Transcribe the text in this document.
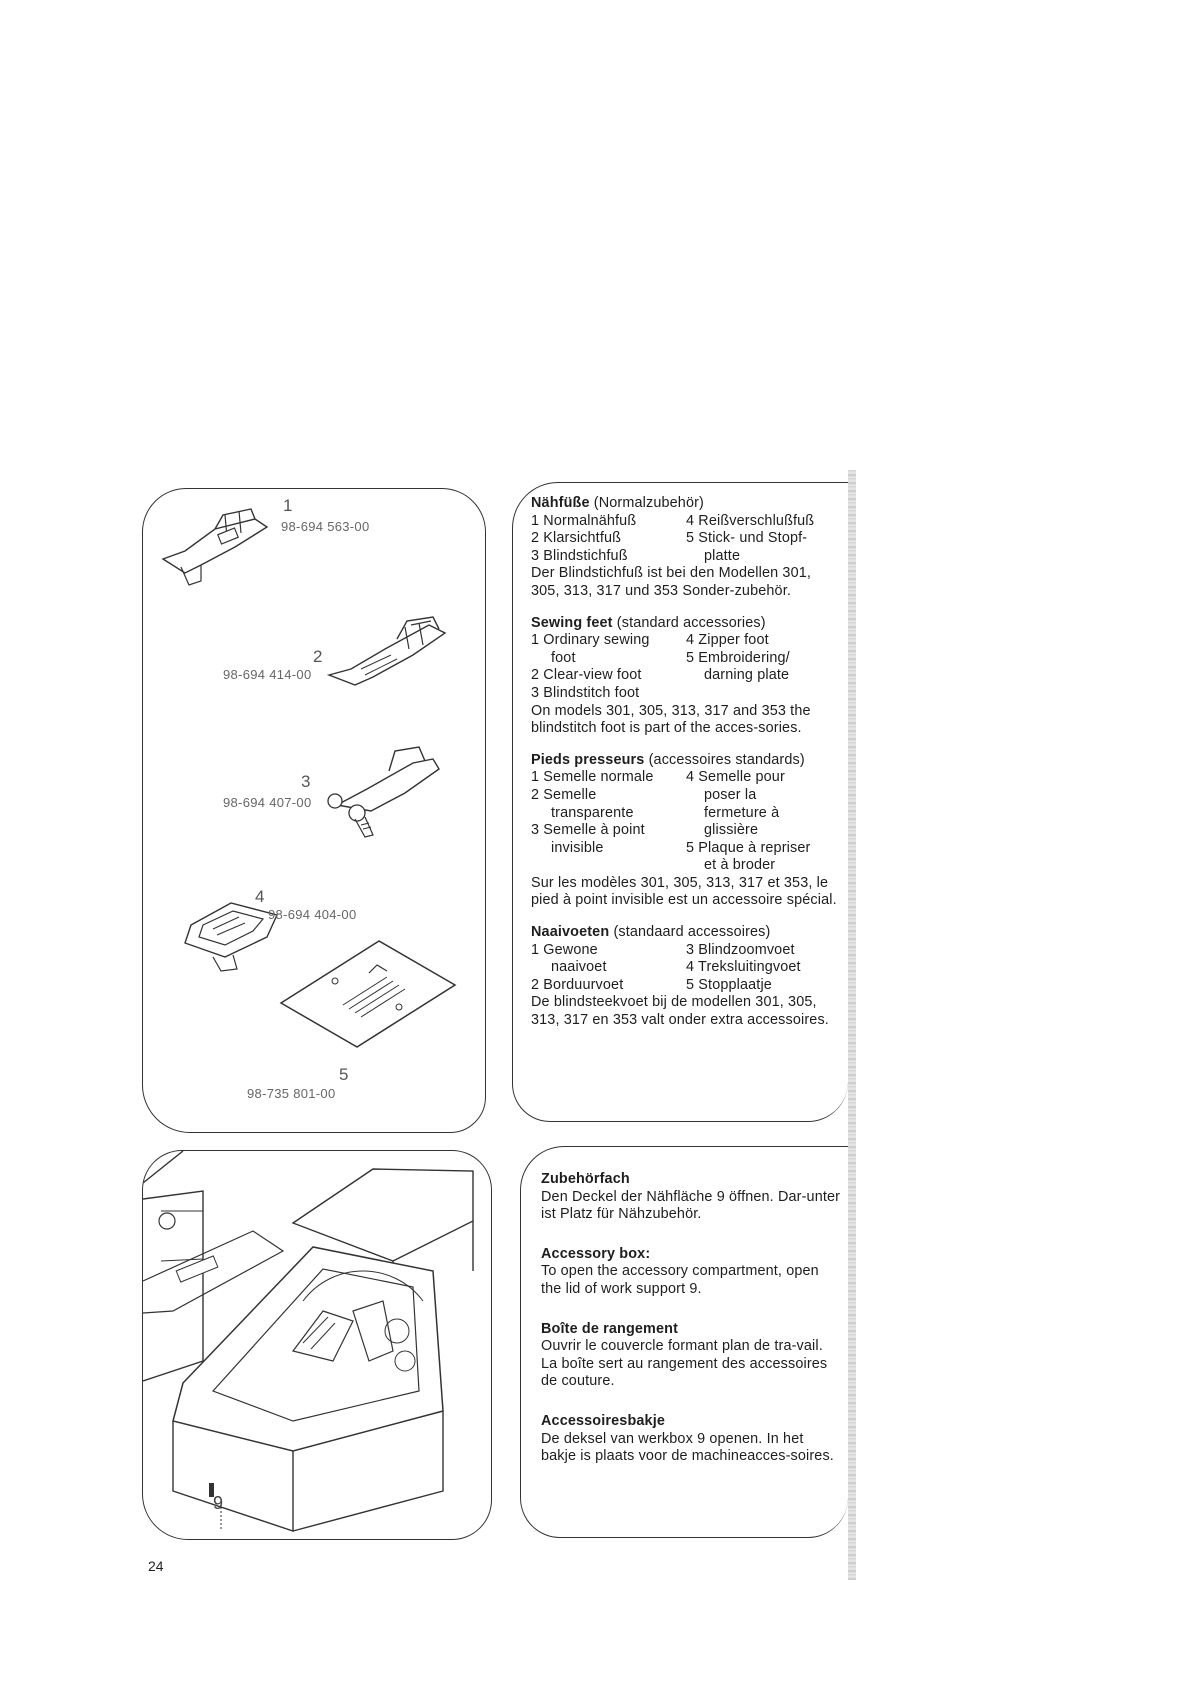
1
98-694 563-00
2
98-694 414-00
3
98-694 407-00
4
98-694 404-00
5
98-735 801-00
9
Nähfüße (Normalzubehör)
1 Normalnähfuß	4 Reißverschlußfuß
2 Klarsichtfuß	5 Stick- und Stopf-
3 Blindstichfuß	platte
Der Blindstichfuß ist bei den Modellen 301, 305, 313, 317 und 353 Sonder-zubehör.
Sewing feet (standard accessories)
1 Ordinary sewing	4 Zipper foot
foot	5 Embroidering/
2 Clear-view foot	darning plate
3 Blindstitch foot
On models 301, 305, 313, 317 and 353 the blindstitch foot is part of the acces-sories.
Pieds presseurs (accessoires standards)
1 Semelle normale	4 Semelle pour
2 Semelle	poser la
transparente	fermeture à
3 Semelle à point	glissière
invisible	5 Plaque à repriser
et à broder
Sur les modèles 301, 305, 313, 317 et 353, le pied à point invisible est un accessoire spécial.
Naaivoeten (standaard accessoires)
1 Gewone	3 Blindzoomvoet
naaivoet	4 Treksluitingvoet
2 Borduurvoet	5 Stopplaatje
De blindsteekvoet bij de modellen 301, 305, 313, 317 en 353 valt onder extra accessoires.
Zubehörfach
Den Deckel der Nähfläche 9 öffnen. Dar-unter ist Platz für Nähzubehör.
Accessory box:
To open the accessory compartment, open the lid of work support 9.
Boîte de rangement
Ouvrir le couvercle formant plan de tra-vail. La boîte sert au rangement des accessoires de couture.
Accessoiresbakje
De deksel van werkbox 9 openen. In het bakje is plaats voor de machineacces-soires.
24
